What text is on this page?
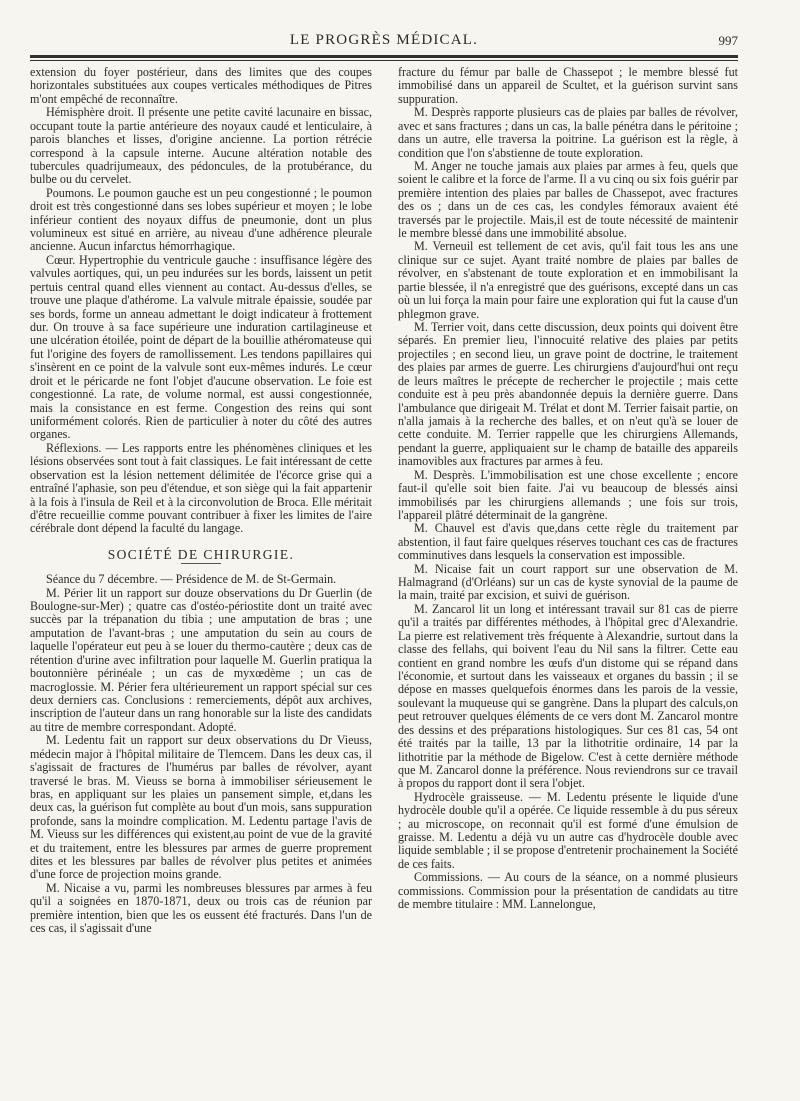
LE PROGRÈS MÉDICAL.	997

extension du foyer postérieur, dans des limites que des coupes horizontales substituées aux coupes verticales méthodiques de Pitres m'ont empêché de reconnaître.

Hémisphère droit. Il présente une petite cavité lacunaire en bissac, occupant toute la partie antérieure des noyaux caudé et lenticulaire, à parois blanches et lisses, d'origine ancienne. La portion rétrécie correspond à la capsule interne. Aucune altération notable des tubercules quadrijumeaux, des pédoncules, de la protubérance, du bulbe ou du cervelet.

Poumons. Le poumon gauche est un peu congestionné ; le poumon droit est très congestionné dans ses lobes supérieur et moyen ; le lobe inférieur contient des noyaux diffus de pneumonie, dont un plus volumineux est situé en arrière, au niveau d'une adhérence pleurale ancienne. Aucun infarctus hémorrhagique.

Cœur. Hypertrophie du ventricule gauche : insuffisance légère des valvules aortiques, qui, un peu indurées sur les bords, laissent un petit pertuis central quand elles viennent au contact. Au-dessus d'elles, se trouve une plaque d'athérome. La valvule mitrale épaissie, soudée par ses bords, forme un anneau admettant le doigt indicateur à frottement dur. On trouve à sa face supérieure une induration cartilagineuse et une ulcération étoilée, point de départ de la bouillie athéromateuse qui fut l'origine des foyers de ramollissement. Les tendons papillaires qui s'insèrent en ce point de la valvule sont eux-mêmes indurés. Le cœur droit et le péricarde ne font l'objet d'aucune observation. Le foie est congestionné. La rate, de volume normal, est aussi congestionnée, mais la consistance en est ferme. Congestion des reins qui sont uniformément colorés. Rien de particulier à noter du côté des autres organes.

Réflexions. — Les rapports entre les phénomènes cliniques et les lésions observées sont tout à fait classiques. Le fait intéressant de cette observation est la lésion nettement délimitée de l'écorce grise qui a entraîné l'aphasie, son peu d'étendue, et son siège qui la fait appartenir à la fois à l'insula de Reil et à la circonvolution de Broca. Elle méritait d'être recueillie comme pouvant contribuer à fixer les limites de l'aire cérébrale dont dépend la faculté du langage.

SOCIÉTÉ DE CHIRURGIE.

Séance du 7 décembre. — Présidence de M. de St-Germain.

M. Périer lit un rapport sur douze observations du Dr Guerlin (de Boulogne-sur-Mer) ; quatre cas d'ostéo-périostite dont un traité avec succès par la trépanation du tibia ; une amputation de bras ; une amputation de l'avant-bras ; une amputation du sein au cours de laquelle l'opérateur eut peu à se louer du thermo-cautère ; deux cas de rétention d'urine avec infiltration pour laquelle M. Guerlin pratiqua la boutonnière périnéale ; un cas de myxœdème ; un cas de macroglossie. M. Périer fera ultérieurement un rapport spécial sur ces deux derniers cas. Conclusions : remerciements, dépôt aux archives, inscription de l'auteur dans un rang honorable sur la liste des candidats au titre de membre correspondant. Adopté.

M. Ledentu fait un rapport sur deux observations du Dr Vieuss, médecin major à l'hôpital militaire de Tlemcem. Dans les deux cas, il s'agissait de fractures de l'humérus par balles de révolver, ayant traversé le bras. M. Vieuss se borna à immobiliser sérieusement le bras, en appliquant sur les plaies un pansement simple, et,dans les deux cas, la guérison fut complète au bout d'un mois, sans suppuration profonde, sans la moindre complication. M. Ledentu partage l'avis de M. Vieuss sur les différences qui existent,au point de vue de la gravité et du traitement, entre les blessures par armes de guerre proprement dites et les blessures par balles de révolver plus petites et animées d'une force de projection moins grande.

M. Nicaise a vu, parmi les nombreuses blessures par armes à feu qu'il a soignées en 1870-1871, deux ou trois cas de réunion par première intention, bien que les os eussent été fracturés. Dans l'un de ces cas, il s'agissait d'une

fracture du fémur par balle de Chassepot ; le membre blessé fut immobilisé dans un appareil de Scultet, et la guérison survint sans suppuration.

M. Desprès rapporte plusieurs cas de plaies par balles de révolver, avec et sans fractures ; dans un cas, la balle pénétra dans le péritoine ; dans un autre, elle traversa la poitrine. La guérison est la règle, à condition que l'on s'abstienne de toute exploration.

M. Anger ne touche jamais aux plaies par armes à feu, quels que soient le calibre et la force de l'arme. Il a vu cinq ou six fois guérir par première intention des plaies par balles de Chassepot, avec fractures des os ; dans un de ces cas, les condyles fémoraux avaient été traversés par le projectile. Mais,il est de toute nécessité de maintenir le membre blessé dans une immobilité absolue.

M. Verneuil est tellement de cet avis, qu'il fait tous les ans une clinique sur ce sujet. Ayant traité nombre de plaies par balles de révolver, en s'abstenant de toute exploration et en immobilisant la partie blessée, il n'a enregistré que des guérisons, excepté dans un cas où un lui força la main pour faire une exploration qui fut la cause d'un phlegmon grave.

M. Terrier voit, dans cette discussion, deux points qui doivent être séparés. En premier lieu, l'innocuité relative des plaies par petits projectiles ; en second lieu, un grave point de doctrine, le traitement des plaies par armes de guerre. Les chirurgiens d'aujourd'hui ont reçu de leurs maîtres le précepte de rechercher le projectile ; mais cette conduite est à peu près abandonnée depuis la dernière guerre. Dans l'ambulance que dirigeait M. Trélat et dont M. Terrier faisait partie, on n'alla jamais à la recherche des balles, et on n'eut qu'à se louer de cette conduite. M. Terrier rappelle que les chirurgiens Allemands, pendant la guerre, appliquaient sur le champ de bataille des appareils inamovibles aux fractures par armes à feu.

M. Desprès. L'immobilisation est une chose excellente ; encore faut-il qu'elle soit bien faite. J'ai vu beaucoup de blessés ainsi immobilisés par les chirurgiens allemands ; une fois sur trois, l'appareil plâtré déterminait de la gangrène.

M. Chauvel est d'avis que,dans cette règle du traitement par abstention, il faut faire quelques réserves touchant ces cas de fractures comminutives dans lesquels la conservation est impossible.

M. Nicaise fait un court rapport sur une observation de M. Halmagrand (d'Orléans) sur un cas de kyste synovial de la paume de la main, traité par excision, et suivi de guérison.

M. Zancarol lit un long et intéressant travail sur 81 cas de pierre qu'il a traités par différentes méthodes, à l'hôpital grec d'Alexandrie. La pierre est relativement très fréquente à Alexandrie, surtout dans la classe des fellahs, qui boivent l'eau du Nil sans la filtrer. Cette eau contient en grand nombre les œufs d'un distome qui se répand dans l'économie, et surtout dans les vaisseaux et organes du bassin ; il se dépose en masses quelquefois énormes dans les parois de la vessie, soulevant la muqueuse qui se gangrène. Dans la plupart des calculs,on peut retrouver quelques éléments de ce vers dont M. Zancarol montre des dessins et des préparations histologiques. Sur ces 81 cas, 54 ont été traités par la taille, 13 par la lithotritie ordinaire, 14 par la lithotritie par la méthode de Bigelow. C'est à cette dernière méthode que M. Zancarol donne la préférence. Nous reviendrons sur ce travail à propos du rapport dont il sera l'objet.

Hydrocèle graisseuse. — M. Ledentu présente le liquide d'une hydrocèle double qu'il a opérée. Ce liquide ressemble à du pus séreux ; au microscope, on reconnait qu'il est formé d'une émulsion de graisse. M. Ledentu a déjà vu un autre cas d'hydrocèle double avec liquide semblable ; il se propose d'entretenir prochainement la Société de ces faits.

Commissions. — Au cours de la séance, on a nommé plusieurs commissions. Commission pour la présentation de candidats au titre de membre titulaire : MM. Lannelongue,
